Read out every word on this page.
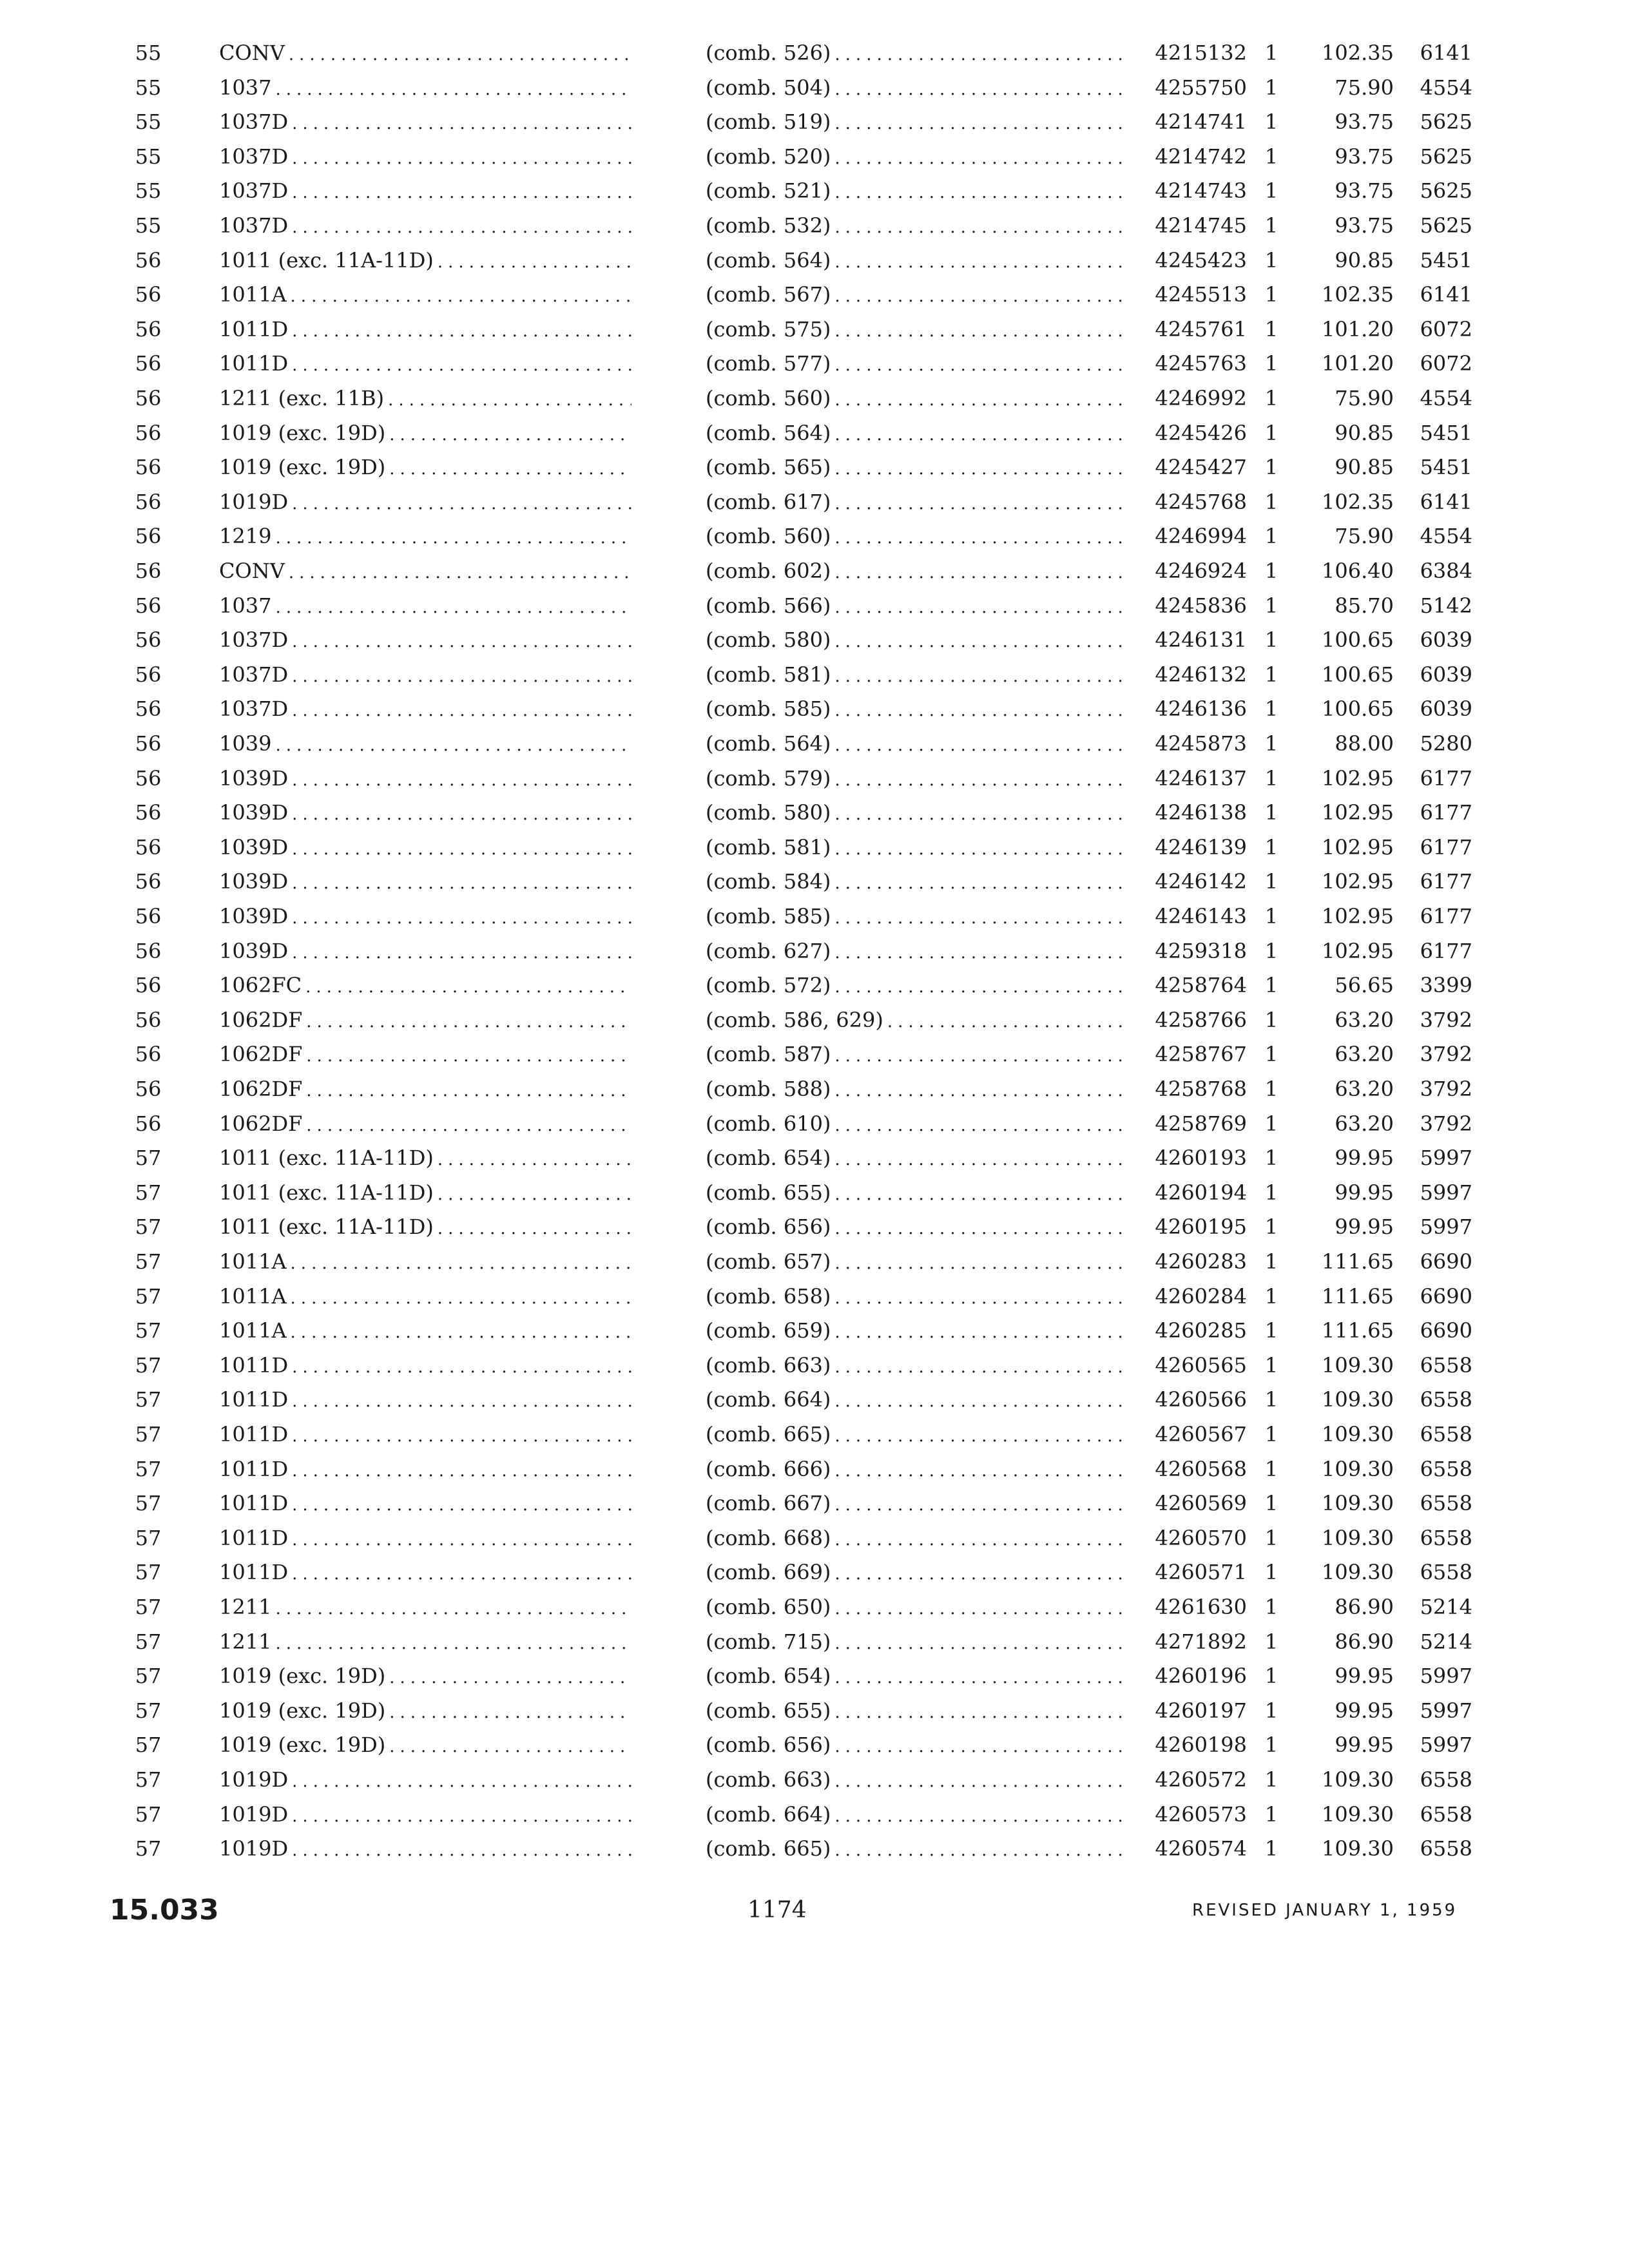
55	CONV .....	(comb. 526) .....	4215132 1	102.35	6141
55	1037 .....	(comb. 504) .....	4255750 1	75.90	4554
55	1037D .....	(comb. 519) .....	4214741 1	93.75	5625
55	1037D .....	(comb. 520) .....	4214742 1	93.75	5625
55	1037D .....	(comb. 521) .....	4214743 1	93.75	5625
55	1037D .....	(comb. 532) .....	4214745 1	93.75	5625
56	1011 (exc. 11A-11D) .....	(comb. 564) .....	4245423 1	90.85	5451
56	1011A .....	(comb. 567) .....	4245513 1	102.35	6141
56	1011D .....	(comb. 575) .....	4245761 1	101.20	6072
56	1011D .....	(comb. 577) .....	4245763 1	101.20	6072
56	1211 (exc. 11B) .....	(comb. 560) .....	4246992 1	75.90	4554
56	1019 (exc. 19D) .....	(comb. 564) .....	4245426 1	90.85	5451
56	1019 (exc. 19D) .....	(comb. 565) .....	4245427 1	90.85	5451
56	1019D .....	(comb. 617) .....	4245768 1	102.35	6141
56	1219 .....	(comb. 560) .....	4246994 1	75.90	4554
56	CONV .....	(comb. 602) .....	4246924 1	106.40	6384
56	1037 .....	(comb. 566) .....	4245836 1	85.70	5142
56	1037D .....	(comb. 580) .....	4246131 1	100.65	6039
56	1037D .....	(comb. 581) .....	4246132 1	100.65	6039
56	1037D .....	(comb. 585) .....	4246136 1	100.65	6039
56	1039 .....	(comb. 564) .....	4245873 1	88.00	5280
56	1039D .....	(comb. 579) .....	4246137 1	102.95	6177
56	1039D .....	(comb. 580) .....	4246138 1	102.95	6177
56	1039D .....	(comb. 581) .....	4246139 1	102.95	6177
56	1039D .....	(comb. 584) .....	4246142 1	102.95	6177
56	1039D .....	(comb. 585) .....	4246143 1	102.95	6177
56	1039D .....	(comb. 627) .....	4259318 1	102.95	6177
56	1062FC .....	(comb. 572) .....	4258764 1	56.65	3399
56	1062DF .....	(comb. 586, 629) .....	4258766 1	63.20	3792
56	1062DF .....	(comb. 587) .....	4258767 1	63.20	3792
56	1062DF .....	(comb. 588) .....	4258768 1	63.20	3792
56	1062DF .....	(comb. 610) .....	4258769 1	63.20	3792
57	1011 (exc. 11A-11D) .....	(comb. 654) .....	4260193 1	99.95	5997
57	1011 (exc. 11A-11D) .....	(comb. 655) .....	4260194 1	99.95	5997
57	1011 (exc. 11A-11D) .....	(comb. 656) .....	4260195 1	99.95	5997
57	1011A .....	(comb. 657) .....	4260283 1	111.65	6690
57	1011A .....	(comb. 658) .....	4260284 1	111.65	6690
57	1011A .....	(comb. 659) .....	4260285 1	111.65	6690
57	1011D .....	(comb. 663) .....	4260565 1	109.30	6558
57	1011D .....	(comb. 664) .....	4260566 1	109.30	6558
57	1011D .....	(comb. 665) .....	4260567 1	109.30	6558
57	1011D .....	(comb. 666) .....	4260568 1	109.30	6558
57	1011D .....	(comb. 667) .....	4260569 1	109.30	6558
57	1011D .....	(comb. 668) .....	4260570 1	109.30	6558
57	1011D .....	(comb. 669) .....	4260571 1	109.30	6558
57	1211 .....	(comb. 650) .....	4261630 1	86.90	5214
57	1211 .....	(comb. 715) .....	4271892 1	86.90	5214
57	1019 (exc. 19D) .....	(comb. 654) .....	4260196 1	99.95	5997
57	1019 (exc. 19D) .....	(comb. 655) .....	4260197 1	99.95	5997
57	1019 (exc. 19D) .....	(comb. 656) .....	4260198 1	99.95	5997
57	1019D .....	(comb. 663) .....	4260572 1	109.30	6558
57	1019D .....	(comb. 664) .....	4260573 1	109.30	6558
57	1019D .....	(comb. 665) .....	4260574 1	109.30	6558
15.033	1174	REVISED JANUARY 1, 1959
